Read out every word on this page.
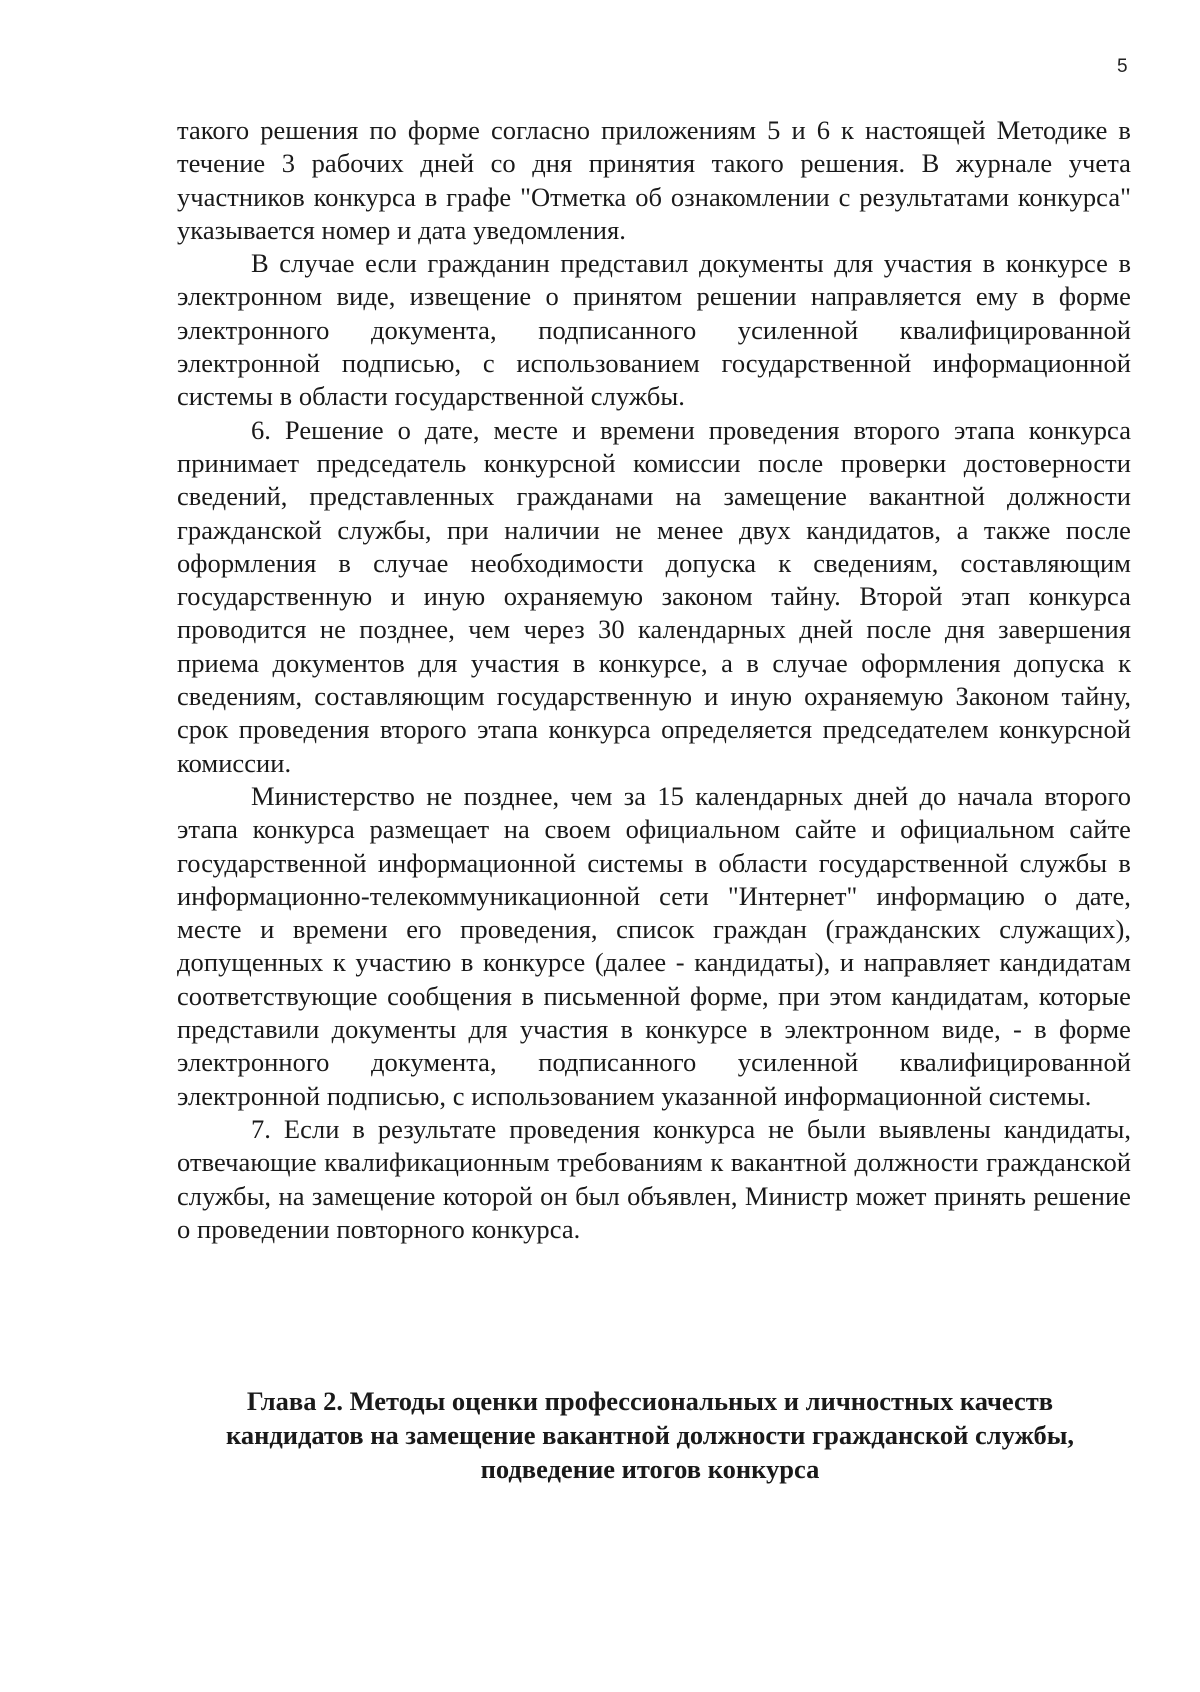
5

такого решения по форме согласно приложениям 5 и 6 к настоящей Методике в течение 3 рабочих дней со дня принятия такого решения. В журнале учета участников конкурса в графе "Отметка об ознакомлении с результатами конкурса" указывается номер и дата уведомления.

В случае если гражданин представил документы для участия в конкурсе в электронном виде, извещение о принятом решении направляется ему в форме электронного документа, подписанного усиленной квалифицированной электронной подписью, с использованием государственной информационной системы в области государственной службы.

6. Решение о дате, месте и времени проведения второго этапа конкурса принимает председатель конкурсной комиссии после проверки достоверности сведений, представленных гражданами на замещение вакантной должности гражданской службы, при наличии не менее двух кандидатов, а также после оформления в случае необходимости допуска к сведениям, составляющим государственную и иную охраняемую законом тайну. Второй этап конкурса проводится не позднее, чем через 30 календарных дней после дня завершения приема документов для участия в конкурсе, а в случае оформления допуска к сведениям, составляющим государственную и иную охраняемую Законом тайну, срок проведения второго этапа конкурса определяется председателем конкурсной комиссии.

Министерство не позднее, чем за 15 календарных дней до начала второго этапа конкурса размещает на своем официальном сайте и официальном сайте государственной информационной системы в области государственной службы в информационно-телекоммуникационной сети "Интернет" информацию о дате, месте и времени его проведения, список граждан (гражданских служащих), допущенных к участию в конкурсе (далее - кандидаты), и направляет кандидатам соответствующие сообщения в письменной форме, при этом кандидатам, которые представили документы для участия в конкурсе в электронном виде, - в форме электронного документа, подписанного усиленной квалифицированной электронной подписью, с использованием указанной информационной системы.

7. Если в результате проведения конкурса не были выявлены кандидаты, отвечающие квалификационным требованиям к вакантной должности гражданской службы, на замещение которой он был объявлен, Министр может принять решение о проведении повторного конкурса.

Глава 2. Методы оценки профессиональных и личностных качеств
кандидатов на замещение вакантной должности гражданской службы,
подведение итогов конкурса
